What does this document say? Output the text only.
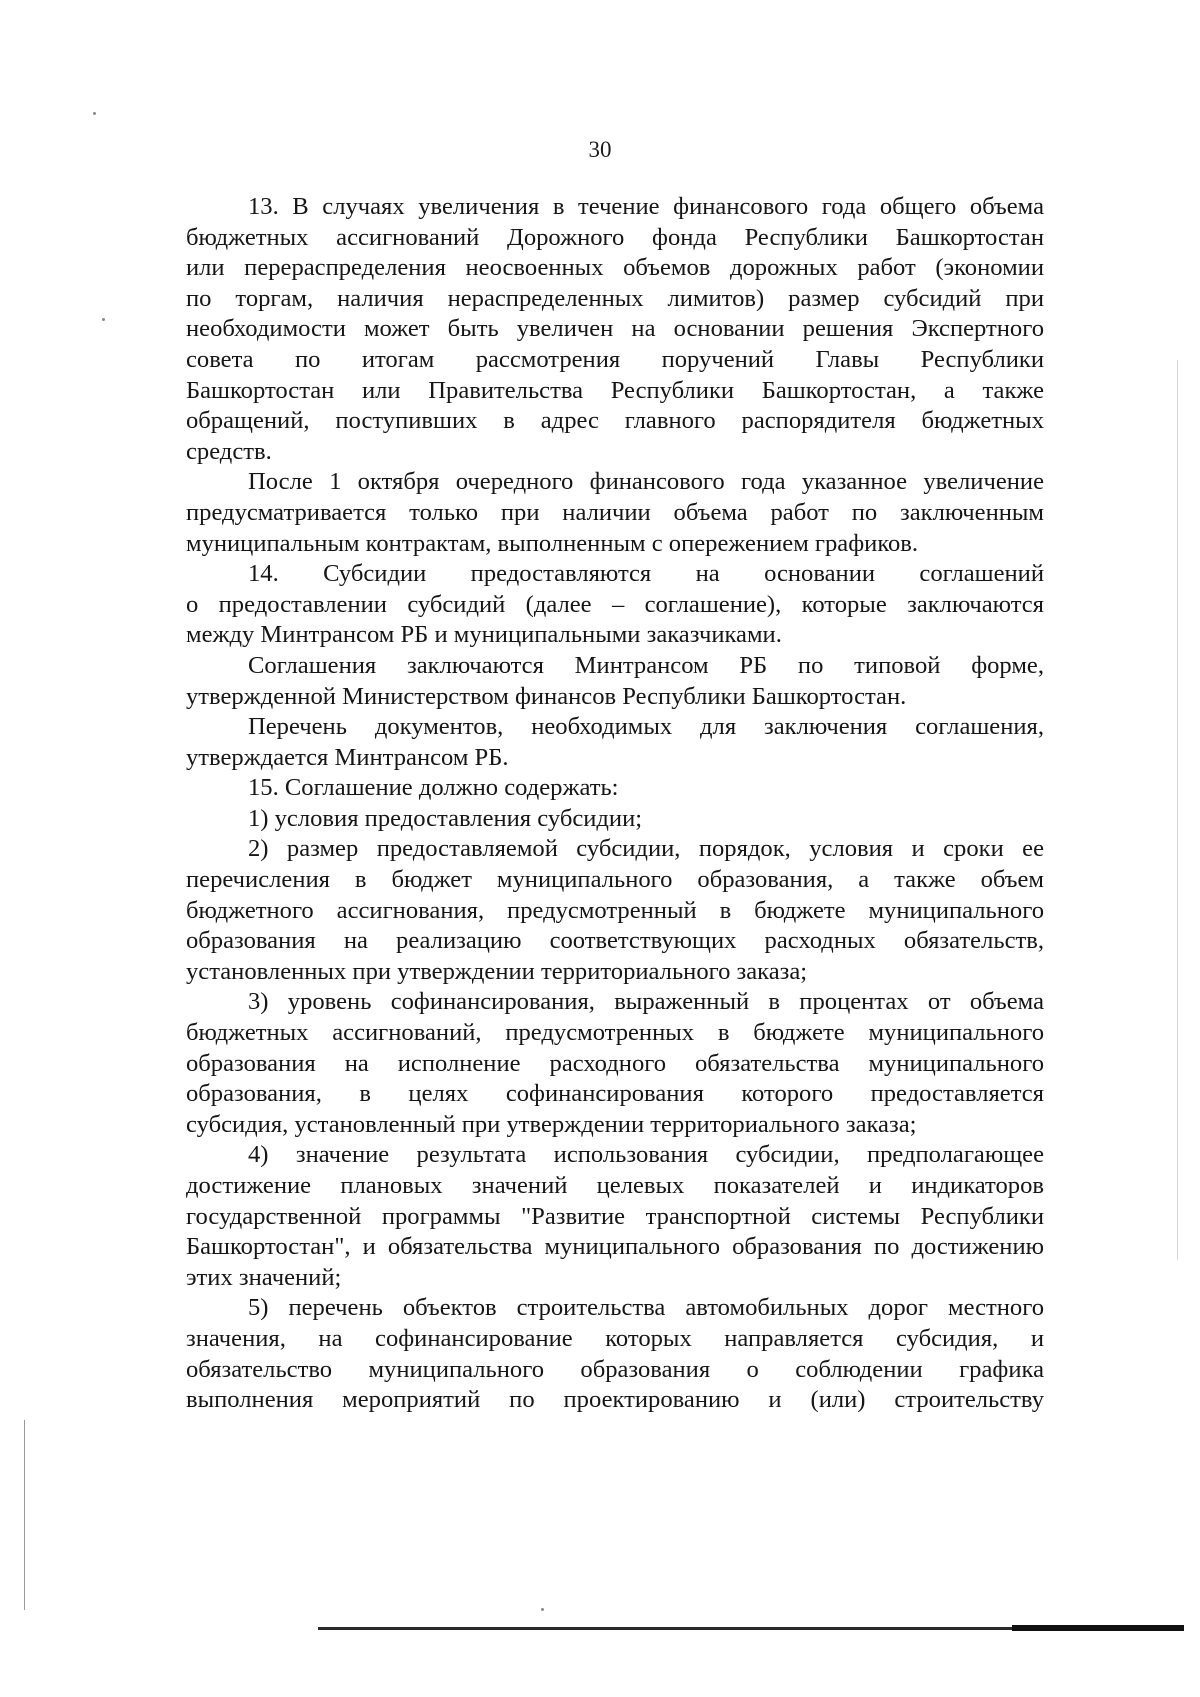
30
13. В случаях увеличения в течение финансового года общего объема
бюджетных ассигнований Дорожного фонда Республики Башкортостан
или перераспределения неосвоенных объемов дорожных работ (экономии
по торгам, наличия нераспределенных лимитов) размер субсидий при
необходимости может быть увеличен на основании решения Экспертного
совета по итогам рассмотрения поручений Главы Республики
Башкортостан или Правительства Республики Башкортостан, а также
обращений, поступивших в адрес главного распорядителя бюджетных
средств.
После 1 октября очередного финансового года указанное увеличение
предусматривается только при наличии объема работ по заключенным
муниципальным контрактам, выполненным с опережением графиков.
14. Субсидии предоставляются на основании соглашений
о предоставлении субсидий (далее – соглашение), которые заключаются
между Минтрансом РБ и муниципальными заказчиками.
Соглашения заключаются Минтрансом РБ по типовой форме,
утвержденной Министерством финансов Республики Башкортостан.
Перечень документов, необходимых для заключения соглашения,
утверждается Минтрансом РБ.
15. Соглашение должно содержать:
1) условия предоставления субсидии;
2) размер предоставляемой субсидии, порядок, условия и сроки ее
перечисления в бюджет муниципального образования, а также объем
бюджетного ассигнования, предусмотренный в бюджете муниципального
образования на реализацию соответствующих расходных обязательств,
установленных при утверждении территориального заказа;
3) уровень софинансирования, выраженный в процентах от объема
бюджетных ассигнований, предусмотренных в бюджете муниципального
образования на исполнение расходного обязательства муниципального
образования, в целях софинансирования которого предоставляется
субсидия, установленный при утверждении территориального заказа;
4) значение результата использования субсидии, предполагающее
достижение плановых значений целевых показателей и индикаторов
государственной программы "Развитие транспортной системы Республики
Башкортостан", и обязательства муниципального образования по достижению
этих значений;
5) перечень объектов строительства автомобильных дорог местного
значения, на софинансирование которых направляется субсидия, и
обязательство муниципального образования о соблюдении графика
выполнения мероприятий по проектированию и (или) строительству
